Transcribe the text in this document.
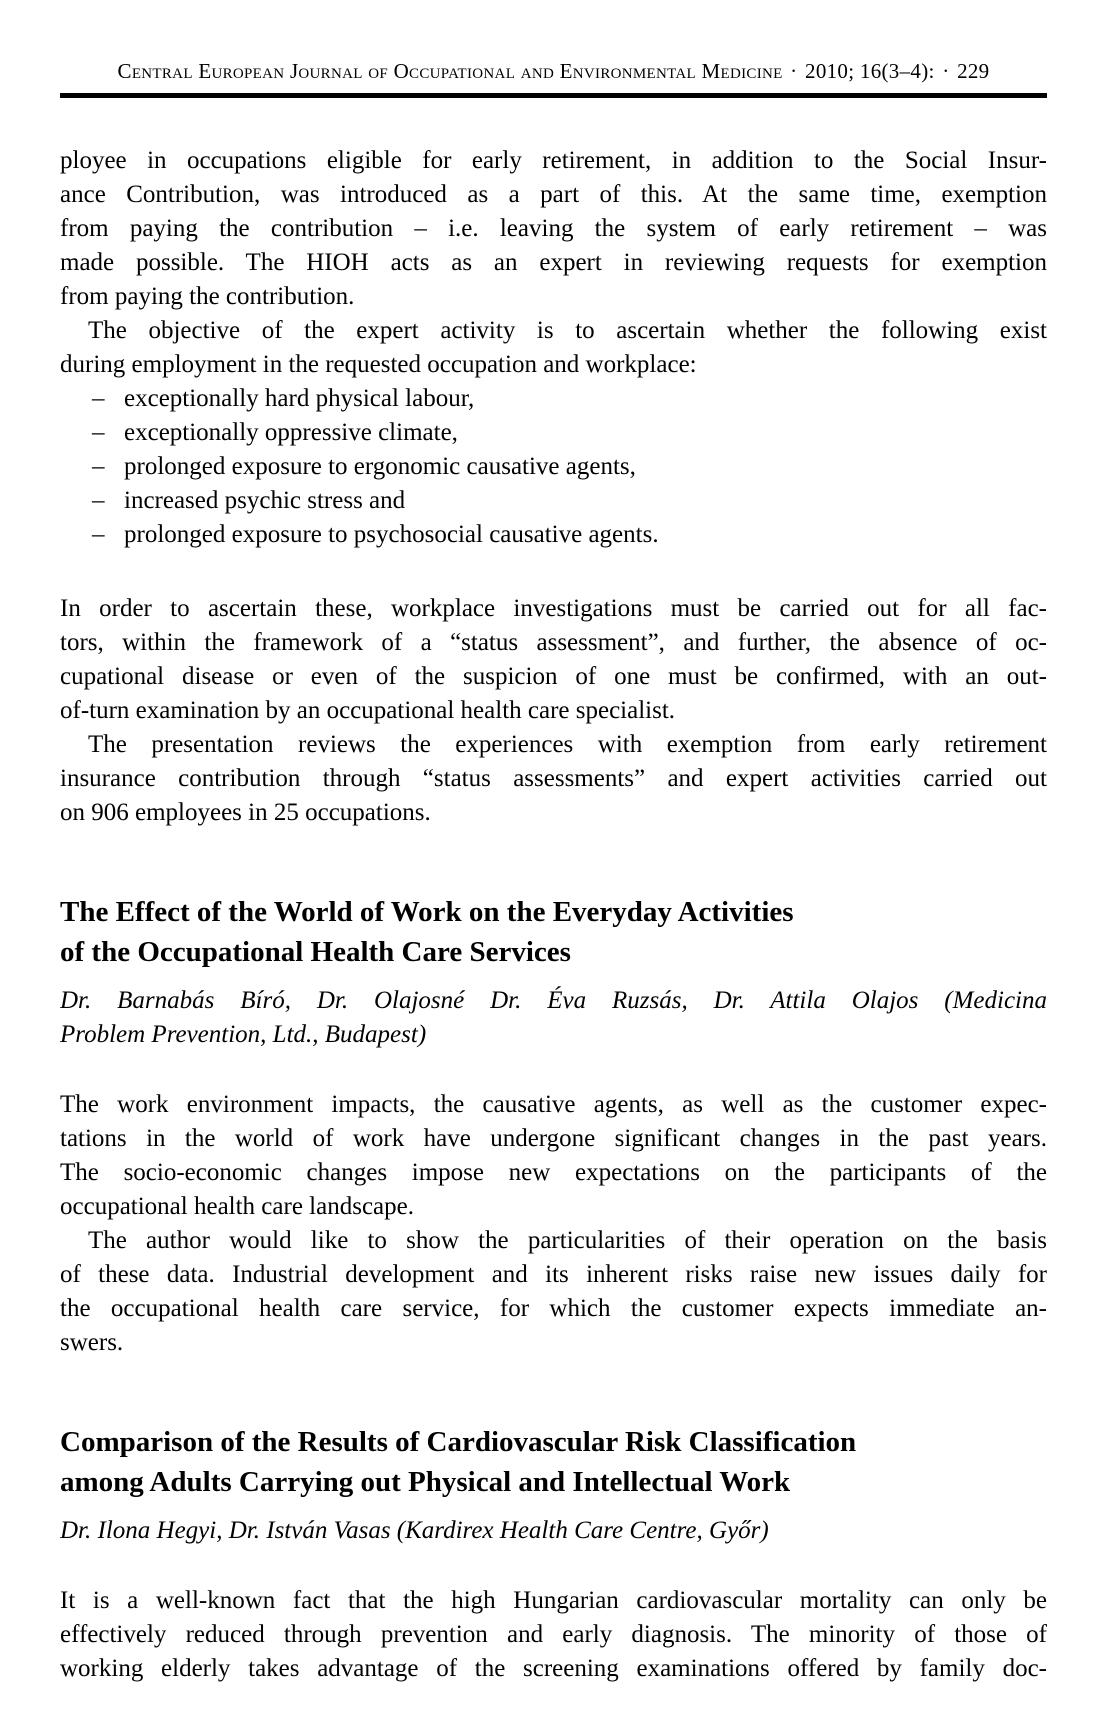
Central European Journal of Occupational and Environmental Medicine · 2010; 16(3–4): · 229
ployee in occupations eligible for early retirement, in addition to the Social Insur-
ance Contribution, was introduced as a part of this. At the same time, exemption
from paying the contribution – i.e. leaving the system of early retirement – was
made possible. The HIOH acts as an expert in reviewing requests for exemption
from paying the contribution.
The objective of the expert activity is to ascertain whether the following exist
during employment in the requested occupation and workplace:
– exceptionally hard physical labour,
– exceptionally oppressive climate,
– prolonged exposure to ergonomic causative agents,
– increased psychic stress and
– prolonged exposure to psychosocial causative agents.
In order to ascertain these, workplace investigations must be carried out for all fac-
tors, within the framework of a “status assessment”, and further, the absence of oc-
cupational disease or even of the suspicion of one must be confirmed, with an out-
of-turn examination by an occupational health care specialist.
The presentation reviews the experiences with exemption from early retirement
insurance contribution through “status assessments” and expert activities carried out
on 906 employees in 25 occupations.
The Effect of the World of Work on the Everyday Activities
of the Occupational Health Care Services
Dr. Barnabás Bíró, Dr. Olajosné Dr. Éva Ruzsás, Dr. Attila Olajos (Medicina
Problem Prevention, Ltd., Budapest)
The work environment impacts, the causative agents, as well as the customer expec-
tations in the world of work have undergone significant changes in the past years.
The socio-economic changes impose new expectations on the participants of the
occupational health care landscape.
The author would like to show the particularities of their operation on the basis
of these data. Industrial development and its inherent risks raise new issues daily for
the occupational health care service, for which the customer expects immediate an-
swers.
Comparison of the Results of Cardiovascular Risk Classification
among Adults Carrying out Physical and Intellectual Work
Dr. Ilona Hegyi, Dr. István Vasas (Kardirex Health Care Centre, Győr)
It is a well-known fact that the high Hungarian cardiovascular mortality can only be
effectively reduced through prevention and early diagnosis. The minority of those of
working elderly takes advantage of the screening examinations offered by family doc-
